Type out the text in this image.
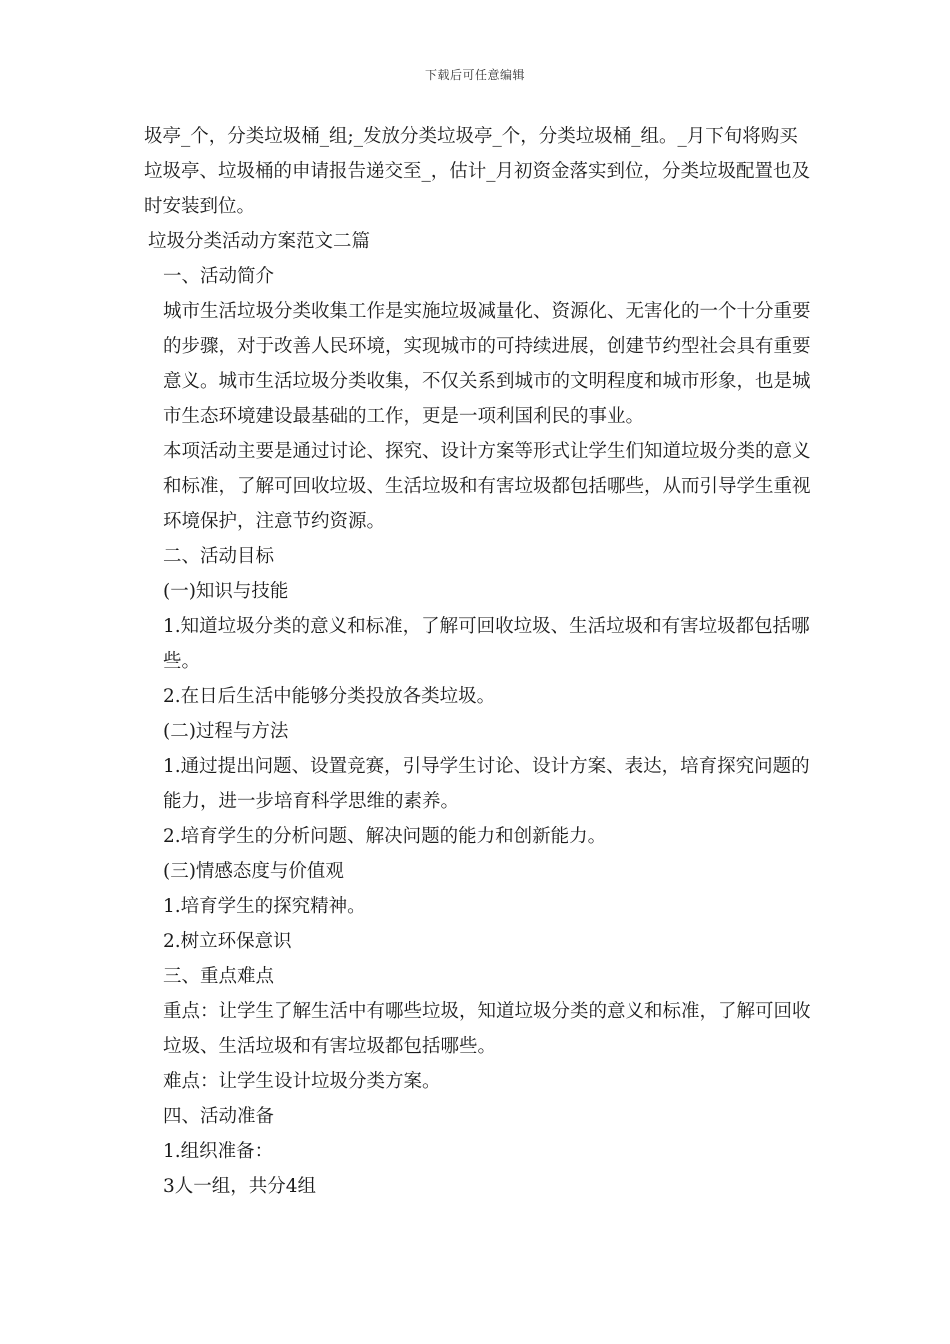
下载后可任意编辑

圾亭_个，分类垃圾桶_组;_发放分类垃圾亭_个，分类垃圾桶_组。_月下旬将购买垃圾亭、垃圾桶的申请报告递交至_，估计_月初资金落实到位，分类垃圾配置也及时安装到位。

垃圾分类活动方案范文二篇

一、活动简介

城市生活垃圾分类收集工作是实施垃圾减量化、资源化、无害化的一个十分重要的步骤，对于改善人民环境，实现城市的可持续进展，创建节约型社会具有重要意义。城市生活垃圾分类收集，不仅关系到城市的文明程度和城市形象，也是城市生态环境建设最基础的工作，更是一项利国利民的事业。

本项活动主要是通过讨论、探究、设计方案等形式让学生们知道垃圾分类的意义和标准，了解可回收垃圾、生活垃圾和有害垃圾都包括哪些，从而引导学生重视环境保护，注意节约资源。

二、活动目标

(一)知识与技能

1.知道垃圾分类的意义和标准，了解可回收垃圾、生活垃圾和有害垃圾都包括哪些。

2.在日后生活中能够分类投放各类垃圾。

(二)过程与方法

1.通过提出问题、设置竞赛，引导学生讨论、设计方案、表达，培育探究问题的能力，进一步培育科学思维的素养。

2.培育学生的分析问题、解决问题的能力和创新能力。

(三)情感态度与价值观

1.培育学生的探究精神。

2.树立环保意识

三、重点难点

重点：让学生了解生活中有哪些垃圾，知道垃圾分类的意义和标准，了解可回收垃圾、生活垃圾和有害垃圾都包括哪些。

难点：让学生设计垃圾分类方案。

四、活动准备

1.组织准备：

3人一组，共分4组
